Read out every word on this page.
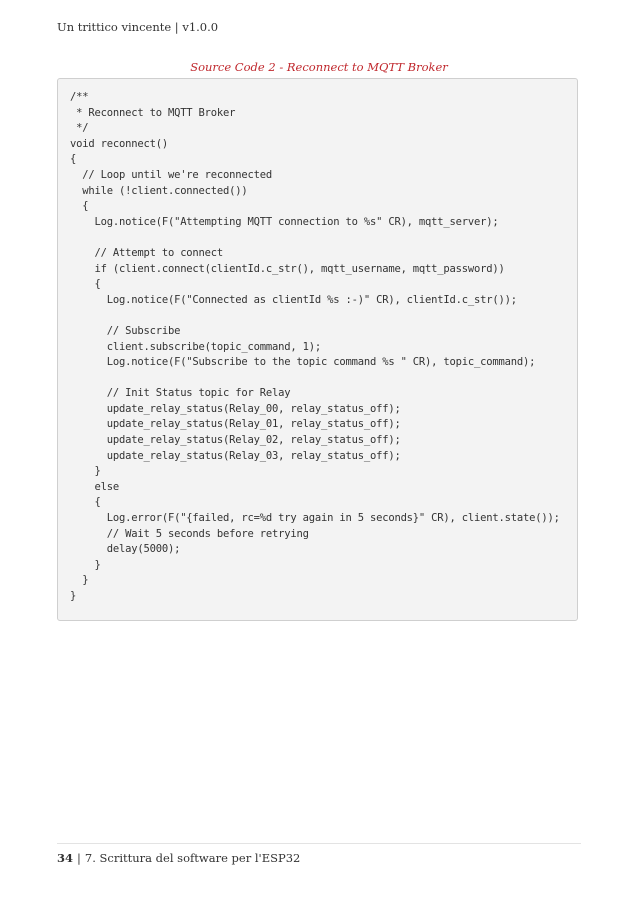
Un trittico vincente | v1.0.0
Source Code 2 - Reconnect to MQTT Broker
/**
* Reconnect to MQTT Broker
*/
void reconnect()
{
// Loop until we're reconnected
while (!client.connected())
{
Log.notice(F("Attempting MQTT connection to %s" CR), mqtt_server);

// Attempt to connect
if (client.connect(clientId.c_str(), mqtt_username, mqtt_password))
{
Log.notice(F("Connected as clientId %s :-)" CR), clientId.c_str());

// Subscribe
client.subscribe(topic_command, 1);
Log.notice(F("Subscribe to the topic command %s " CR), topic_command);

// Init Status topic for Relay
update_relay_status(Relay_00, relay_status_off);
update_relay_status(Relay_01, relay_status_off);
update_relay_status(Relay_02, relay_status_off);
update_relay_status(Relay_03, relay_status_off);
}
else
{
Log.error(F("{failed, rc=%d try again in 5 seconds}" CR), client.state());
// Wait 5 seconds before retrying
delay(5000);
}
}
}
34 | 7. Scrittura del software per l'ESP32
